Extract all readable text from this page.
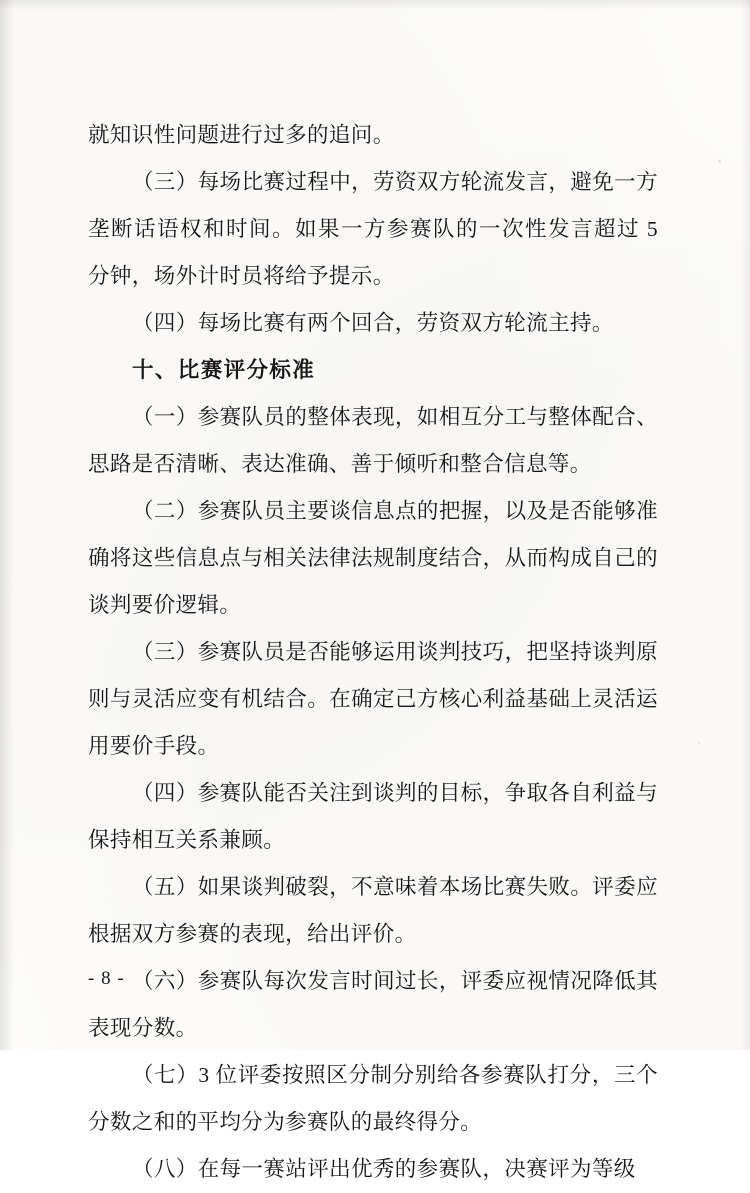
就知识性问题进行过多的追问。

（三）每场比赛过程中，劳资双方轮流发言，避免一方垄断话语权和时间。如果一方参赛队的一次性发言超过 5 分钟，场外计时员将给予提示。

（四）每场比赛有两个回合，劳资双方轮流主持。

十、比赛评分标准

（一）参赛队员的整体表现，如相互分工与整体配合、思路是否清晰、表达准确、善于倾听和整合信息等。

（二）参赛队员主要谈信息点的把握，以及是否能够准确将这些信息点与相关法律法规制度结合，从而构成自己的谈判要价逻辑。

（三）参赛队员是否能够运用谈判技巧，把坚持谈判原则与灵活应变有机结合。在确定己方核心利益基础上灵活运用要价手段。

（四）参赛队能否关注到谈判的目标，争取各自利益与保持相互关系兼顾。

（五）如果谈判破裂，不意味着本场比赛失败。评委应根据双方参赛的表现，给出评价。

（六）参赛队每次发言时间过长，评委应视情况降低其表现分数。

（七）3 位评委按照区分制分别给各参赛队打分，三个分数之和的平均分为参赛队的最终得分。

（八）在每一赛站评出优秀的参赛队，决赛评为等级

- 8 -
